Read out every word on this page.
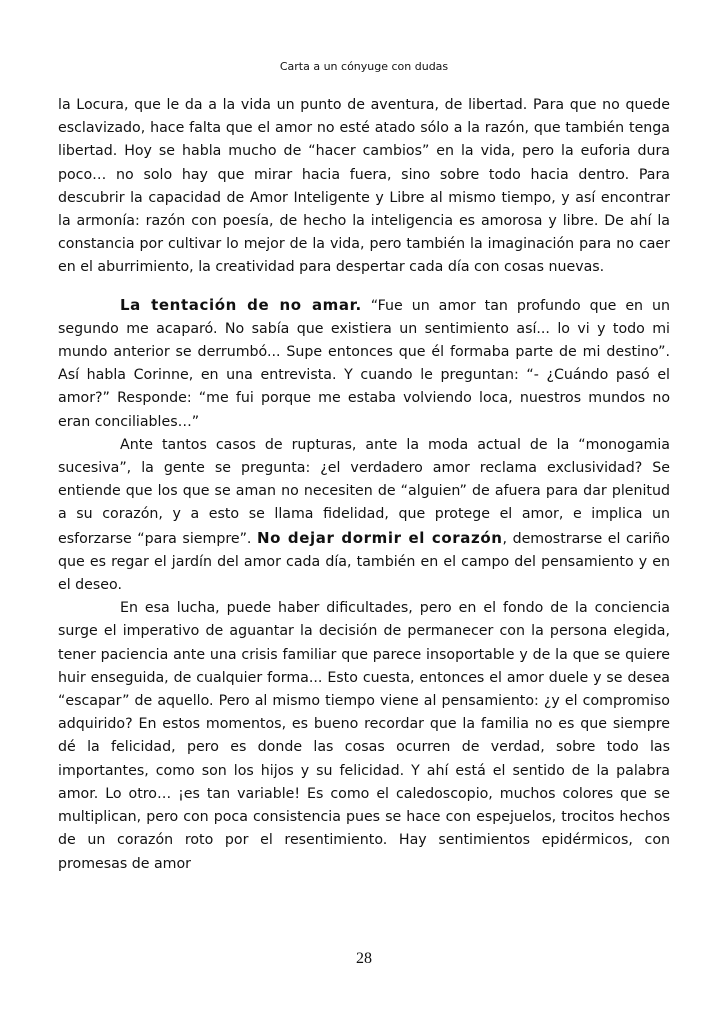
Carta a un cónyuge con dudas

la Locura, que le da a la vida un punto de aventura, de libertad. Para que no quede esclavizado, hace falta que el amor no esté atado sólo a la razón, que también tenga libertad. Hoy se habla mucho de “hacer cambios” en la vida, pero la euforia dura poco… no solo hay que mirar hacia fuera, sino sobre todo hacia dentro. Para descubrir la capacidad de Amor Inteligente y Libre al mismo tiempo, y así encontrar la armonía: razón con poesía, de hecho la inteligencia es amorosa y libre. De ahí la constancia por cultivar lo mejor de la vida, pero también la imaginación para no caer en el aburrimiento, la creatividad para despertar cada día con cosas nuevas.

La tentación de no amar. “Fue un amor tan profundo que en un segundo me acaparó. No sabía que existiera un sentimiento así... lo vi y todo mi mundo anterior se derrumbó... Supe entonces que él formaba parte de mi destino”. Así habla Corinne, en una entrevista. Y cuando le preguntan: “- ¿Cuándo pasó el amor?” Responde: “me fui porque me estaba volviendo loca, nuestros mundos no eran conciliables…”

Ante tantos casos de rupturas, ante la moda actual de la “monogamia sucesiva”, la gente se pregunta: ¿el verdadero amor reclama exclusividad? Se entiende que los que se aman no necesiten de “alguien” de afuera para dar plenitud a su corazón, y a esto se llama fidelidad, que protege el amor, e implica un esforzarse “para siempre”. No dejar dormir el corazón, demostrarse el cariño que es regar el jardín del amor cada día, también en el campo del pensamiento y en el deseo.

En esa lucha, puede haber dificultades, pero en el fondo de la conciencia surge el imperativo de aguantar la decisión de permanecer con la persona elegida, tener paciencia ante una crisis familiar que parece insoportable y de la que se quiere huir enseguida, de cualquier forma... Esto cuesta, entonces el amor duele y se desea “escapar” de aquello. Pero al mismo tiempo viene al pensamiento: ¿y el compromiso adquirido? En estos momentos, es bueno recordar que la familia no es que siempre dé la felicidad, pero es donde las cosas ocurren de verdad, sobre todo las importantes, como son los hijos y su felicidad. Y ahí está el sentido de la palabra amor. Lo otro… ¡es tan variable! Es como el caledoscopio, muchos colores que se multiplican, pero con poca consistencia pues se hace con espejuelos, trocitos hechos de un corazón roto por el resentimiento. Hay sentimientos epidérmicos, con promesas de amor

28
